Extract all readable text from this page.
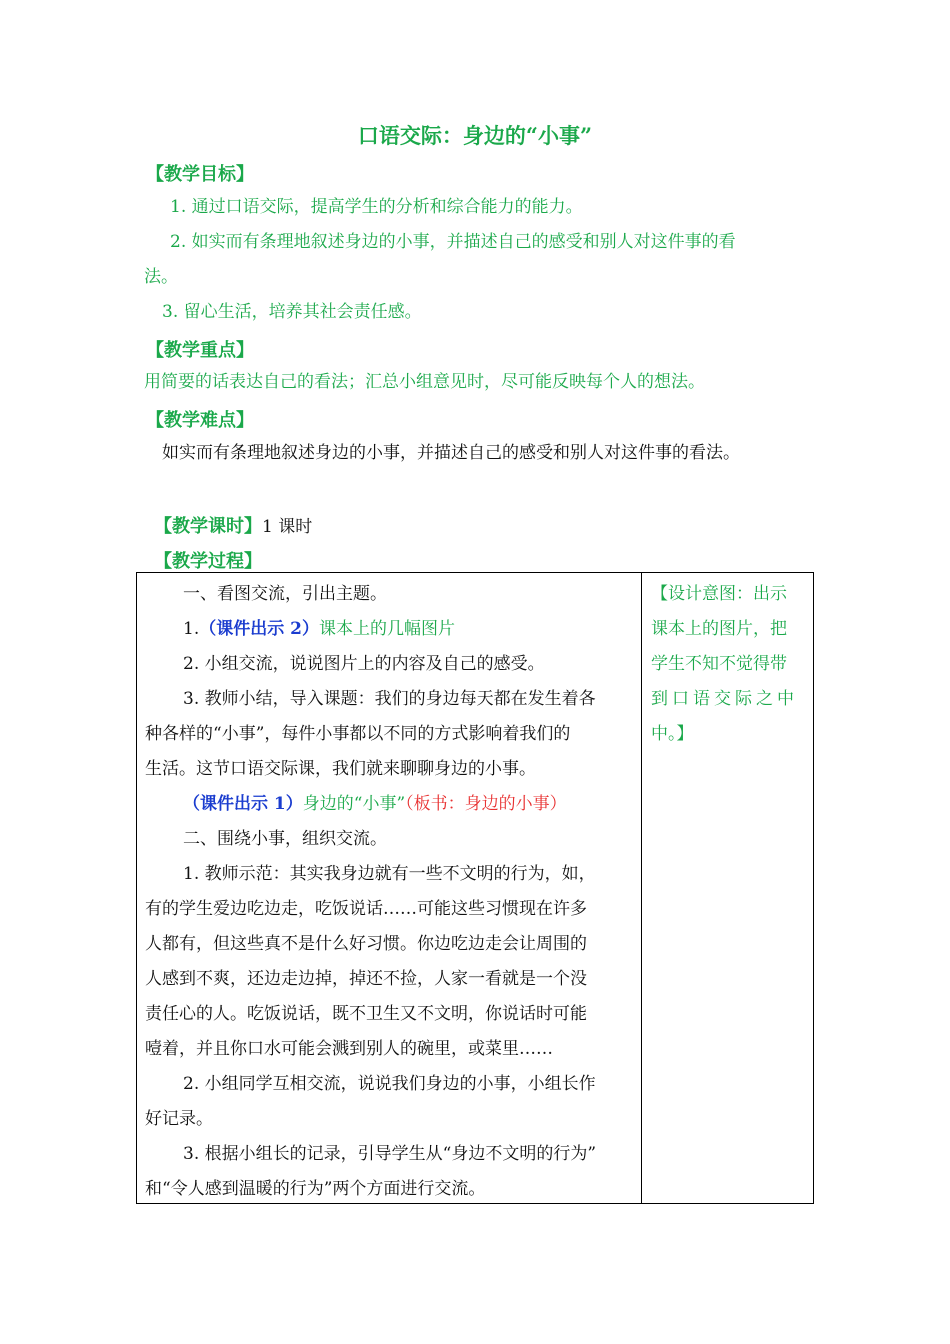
口语交际：身边的“小事”
【教学目标】
1. 通过口语交际，提高学生的分析和综合能力的能力。
2. 如实而有条理地叙述身边的小事，并描述自己的感受和别人对这件事的看
法。
3. 留心生活，培养其社会责任感。
【教学重点】
用简要的话表达自己的看法；汇总小组意见时，尽可能反映每个人的想法。
【教学难点】
如实而有条理地叙述身边的小事，并描述自己的感受和别人对这件事的看法。
【教学课时】1 课时
【教学过程】
一、看图交流，引出主题。
1.（课件出示 2）课本上的几幅图片
2. 小组交流，说说图片上的内容及自己的感受。
3. 教师小结，导入课题：我们的身边每天都在发生着各
种各样的“小事”，每件小事都以不同的方式影响着我们的
生活。这节口语交际课，我们就来聊聊身边的小事。
（课件出示 1）身边的“小事”（板书：身边的小事）
二、围绕小事，组织交流。
1. 教师示范：其实我身边就有一些不文明的行为，如，
有的学生爱边吃边走，吃饭说话……可能这些习惯现在许多
人都有，但这些真不是什么好习惯。你边吃边走会让周围的
人感到不爽，还边走边掉，掉还不捡，人家一看就是一个没
责任心的人。吃饭说话，既不卫生又不文明，你说话时可能
噎着，并且你口水可能会溅到别人的碗里，或菜里……
2. 小组同学互相交流，说说我们身边的小事，小组长作
好记录。
3. 根据小组长的记录，引导学生从“身边不文明的行为”
和“令人感到温暖的行为”两个方面进行交流。
【设计意图：出示
课本上的图片，把
学生不知不觉得带
到口语交际之中
中。】
